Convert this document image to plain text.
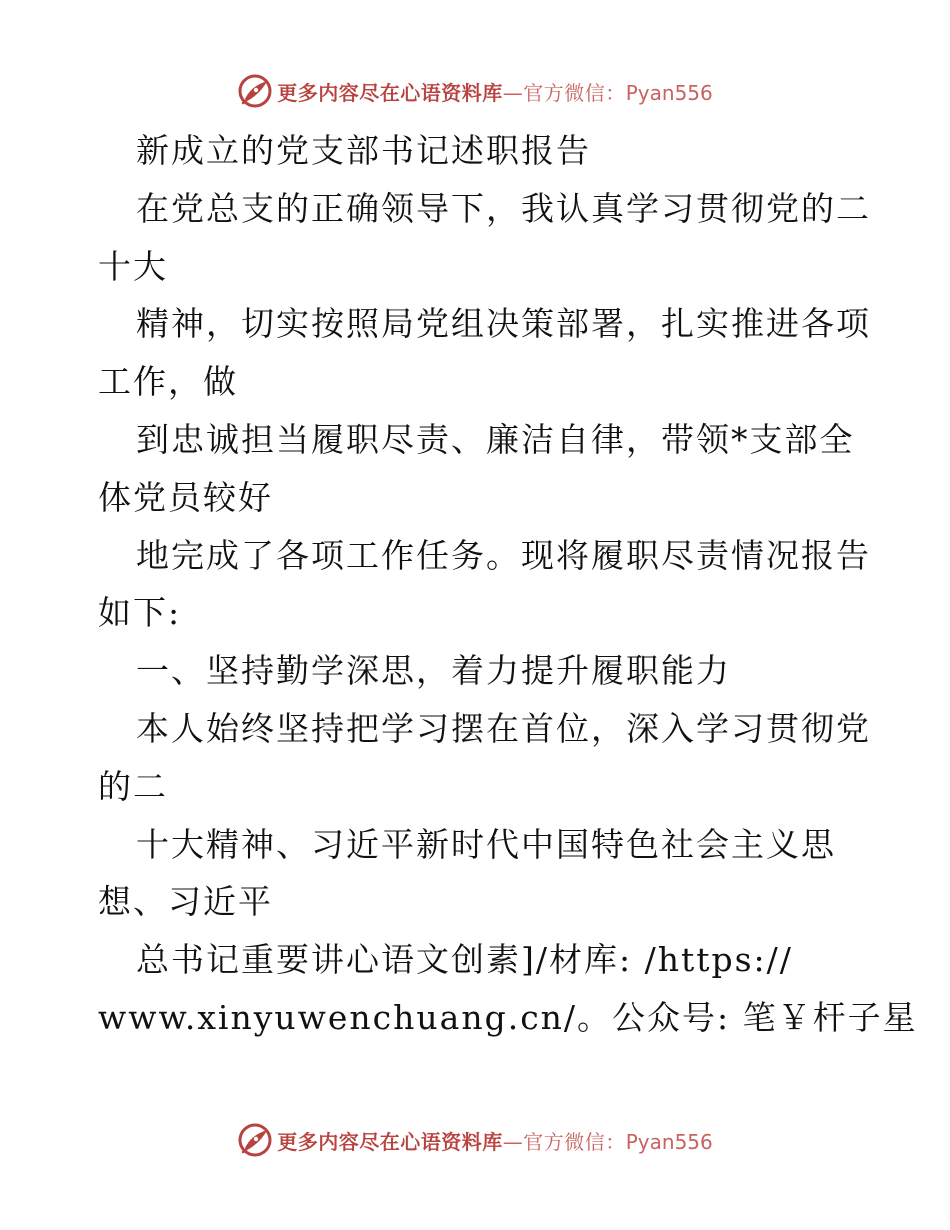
更多内容尽在心语资料库—官方微信：Pyan556
新成立的党支部书记述职报告
在党总支的正确领导下，我认真学习贯彻党的二
十大
精神，切实按照局党组决策部署，扎实推进各项
工作，做
到忠诚担当履职尽责、廉洁自律，带领*支部全
体党员较好
地完成了各项工作任务。现将履职尽责情况报告
如下:
一、坚持勤学深思，着力提升履职能力
本人始终坚持把学习摆在首位，深入学习贯彻党
的二
十大精神、习近平新时代中国特色社会主义思
想、习近平
总书记重要讲心语文创素]/材库: /https://
www.xinyuwenchuang.cn/。公众号: 笔￥杆子星
更多内容尽在心语资料库—官方微信：Pyan556
